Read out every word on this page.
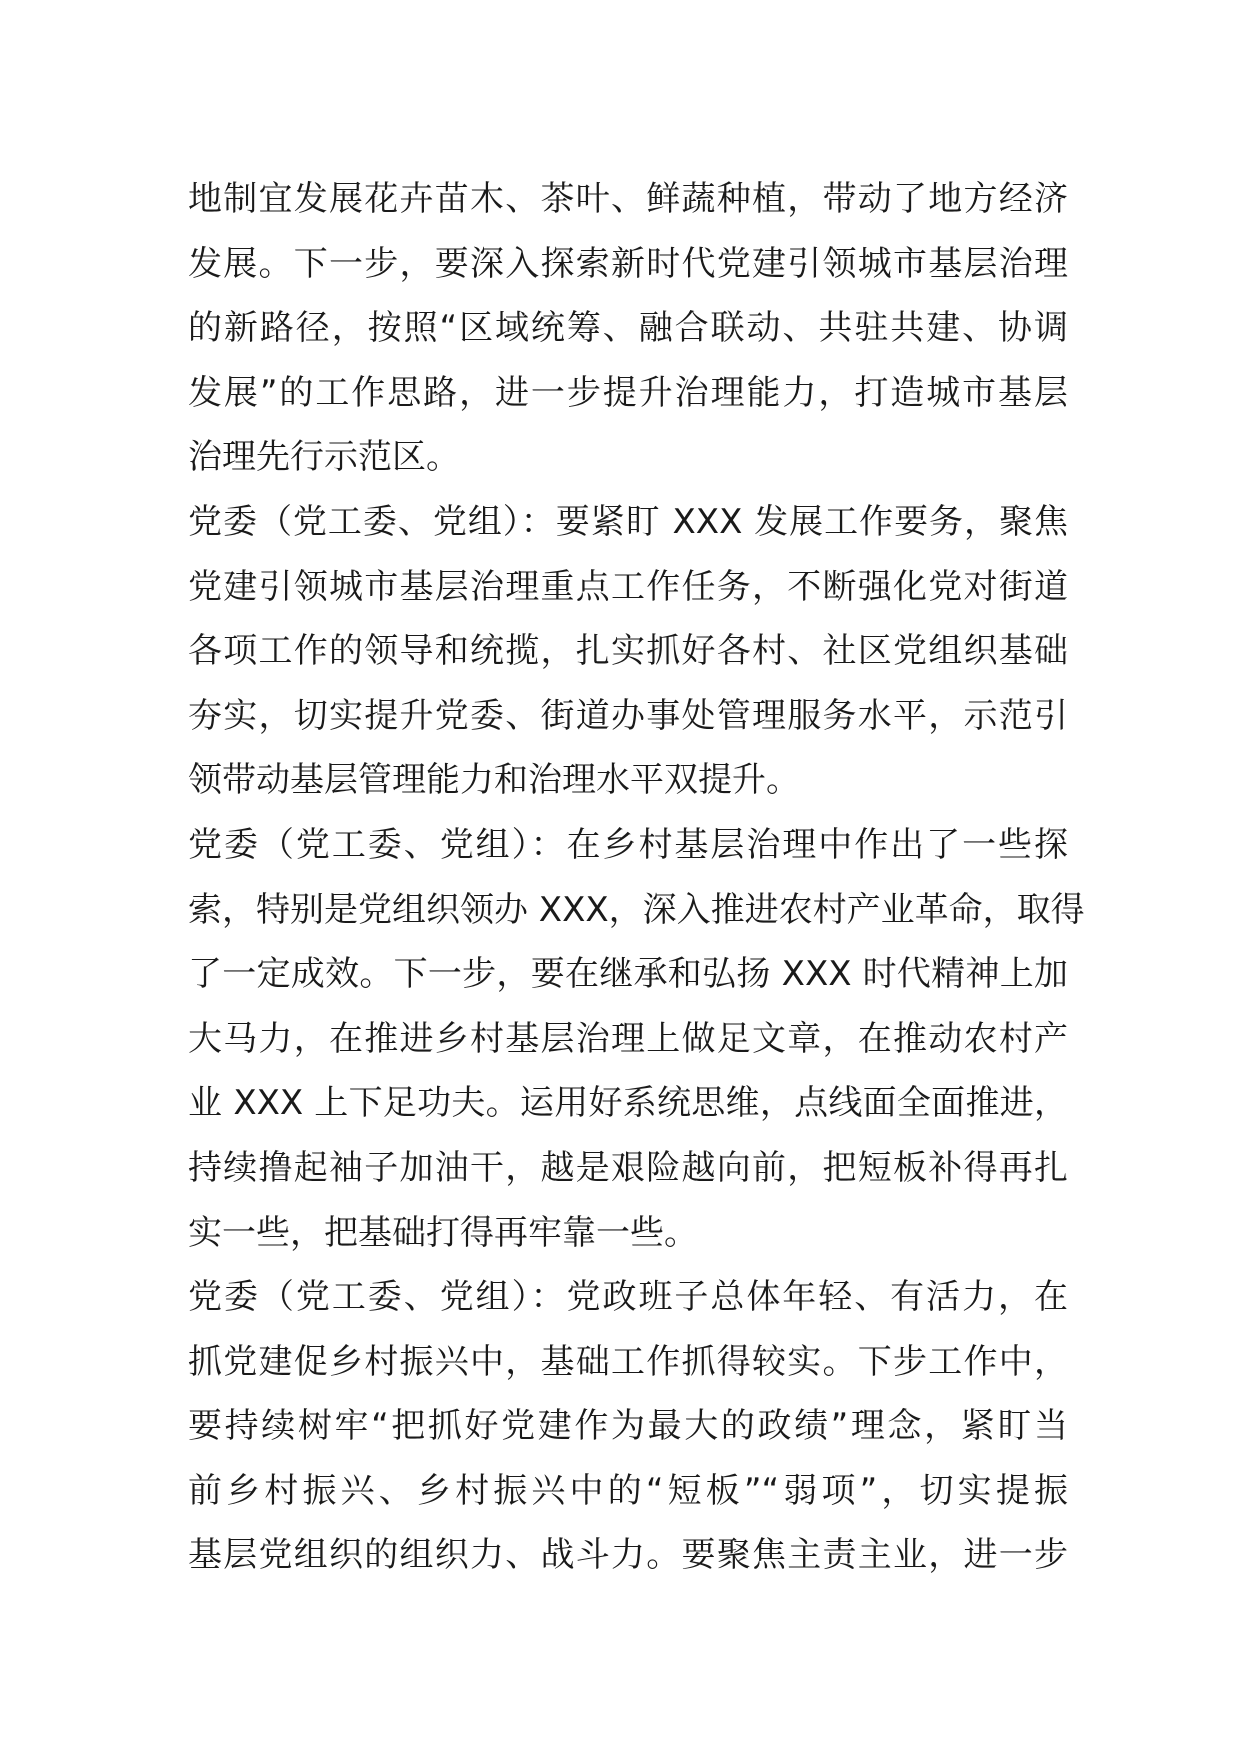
地制宜发展花卉苗木、茶叶、鲜蔬种植，带动了地方经济
发展。下一步，要深入探索新时代党建引领城市基层治理
的新路径，按照“区域统筹、融合联动、共驻共建、协调
发展”的工作思路，进一步提升治理能力，打造城市基层
治理先行示范区。
党委（党工委、党组）：要紧盯 XXX 发展工作要务，聚焦
党建引领城市基层治理重点工作任务，不断强化党对街道
各项工作的领导和统揽，扎实抓好各村、社区党组织基础
夯实，切实提升党委、街道办事处管理服务水平，示范引
领带动基层管理能力和治理水平双提升。
党委（党工委、党组）：在乡村基层治理中作出了一些探
索，特别是党组织领办 XXX，深入推进农村产业革命，取得
了一定成效。下一步，要在继承和弘扬 XXX 时代精神上加
大马力，在推进乡村基层治理上做足文章，在推动农村产
业 XXX 上下足功夫。运用好系统思维，点线面全面推进，
持续撸起袖子加油干，越是艰险越向前，把短板补得再扎
实一些，把基础打得再牢靠一些。
党委（党工委、党组）：党政班子总体年轻、有活力，在
抓党建促乡村振兴中，基础工作抓得较实。下步工作中，
要持续树牢“把抓好党建作为最大的政绩”理念，紧盯当
前乡村振兴、乡村振兴中的“短板”“弱项”，切实提振
基层党组织的组织力、战斗力。要聚焦主责主业，进一步
